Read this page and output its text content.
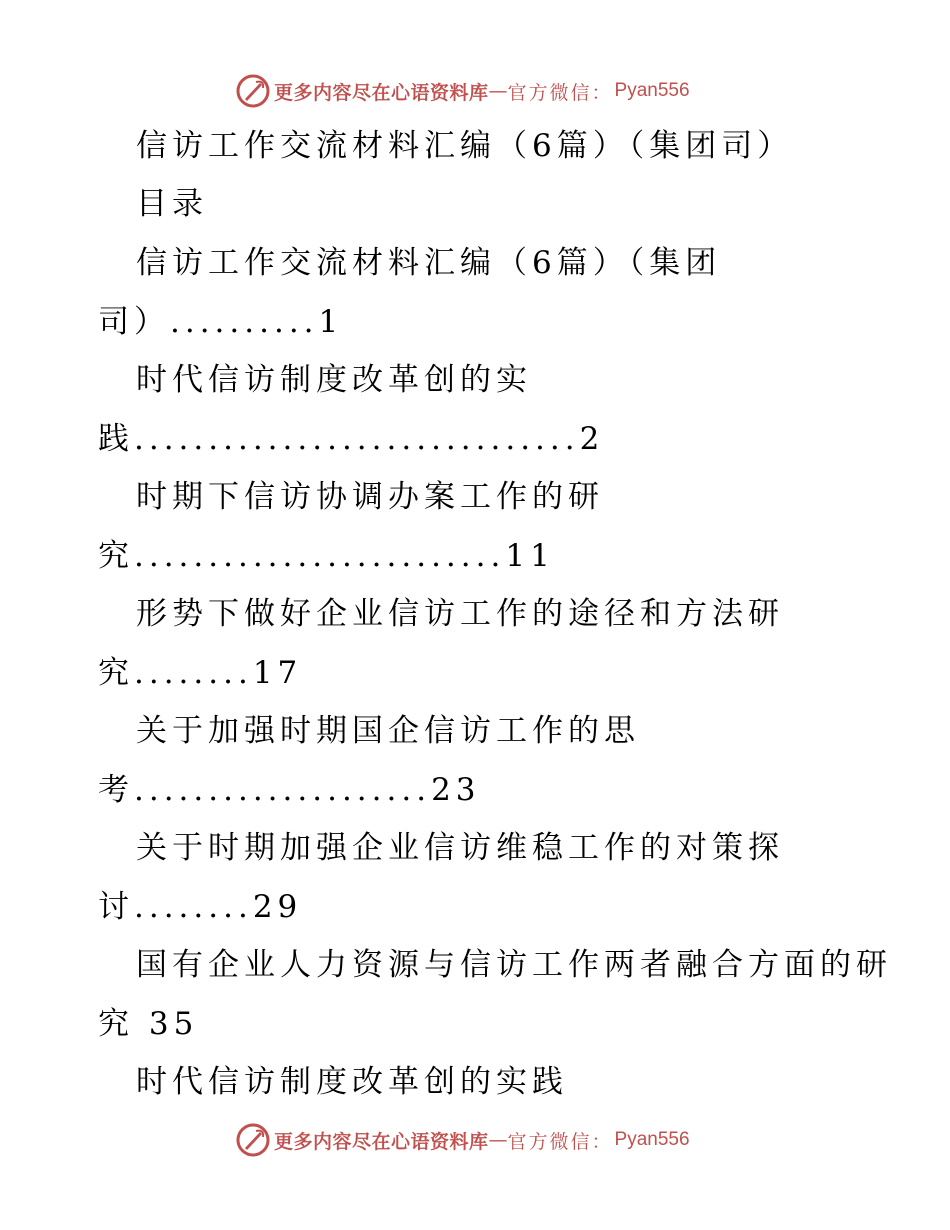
更多内容尽在心语资料库 — 官方微信： Pyan556
信访工作交流材料汇编（6篇）（集团司）
目录
信访工作交流材料汇编（6篇）（集团
司）..........1
时代信访制度改革创的实
践..............................2
时期下信访协调办案工作的研
究.........................11
形势下做好企业信访工作的途径和方法研
究........17
关于加强时期国企信访工作的思
考....................23
关于时期加强企业信访维稳工作的对策探
讨........29
国有企业人力资源与信访工作两者融合方面的研
究 35
时代信访制度改革创的实践
更多内容尽在心语资料库 — 官方微信： Pyan556
